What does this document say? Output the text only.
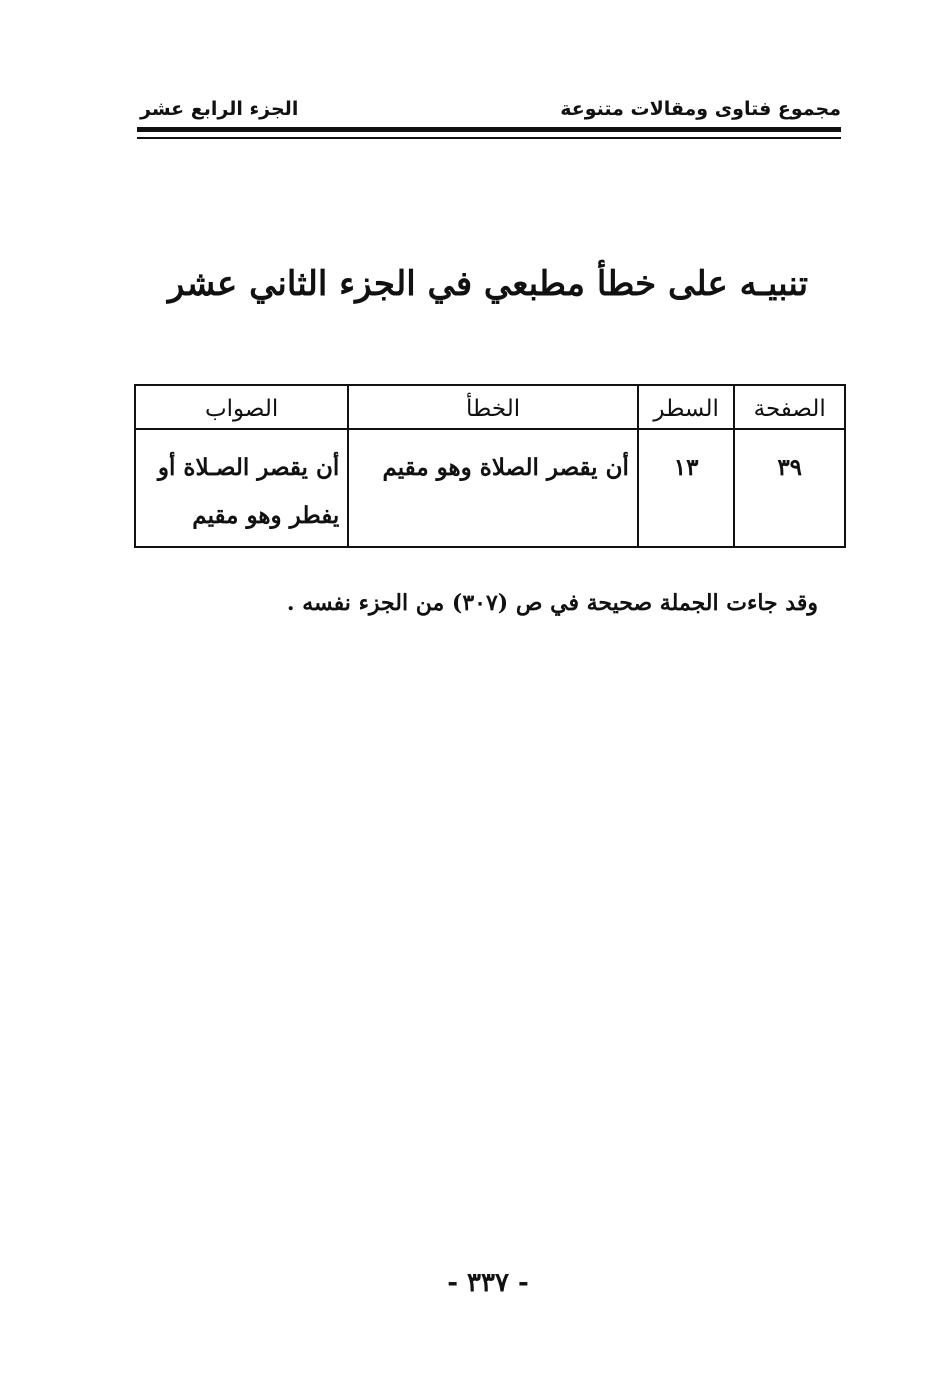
مجموع فتاوى ومقالات متنوعة
الجزء الرابع عشر
تنبيـه على خطأ مطبعي في الجزء الثاني عشر
الصفحة	السطر	الخطأ	الصواب
٣٩	١٣	أن يقصر الصلاة وهو مقيم	أن يقصر الصـلاة أو يفطر وهو مقيم
وقد جاءت الجملة صحيحة في ص (٣٠٧) من الجزء نفسه .
- ٣٣٧ -
